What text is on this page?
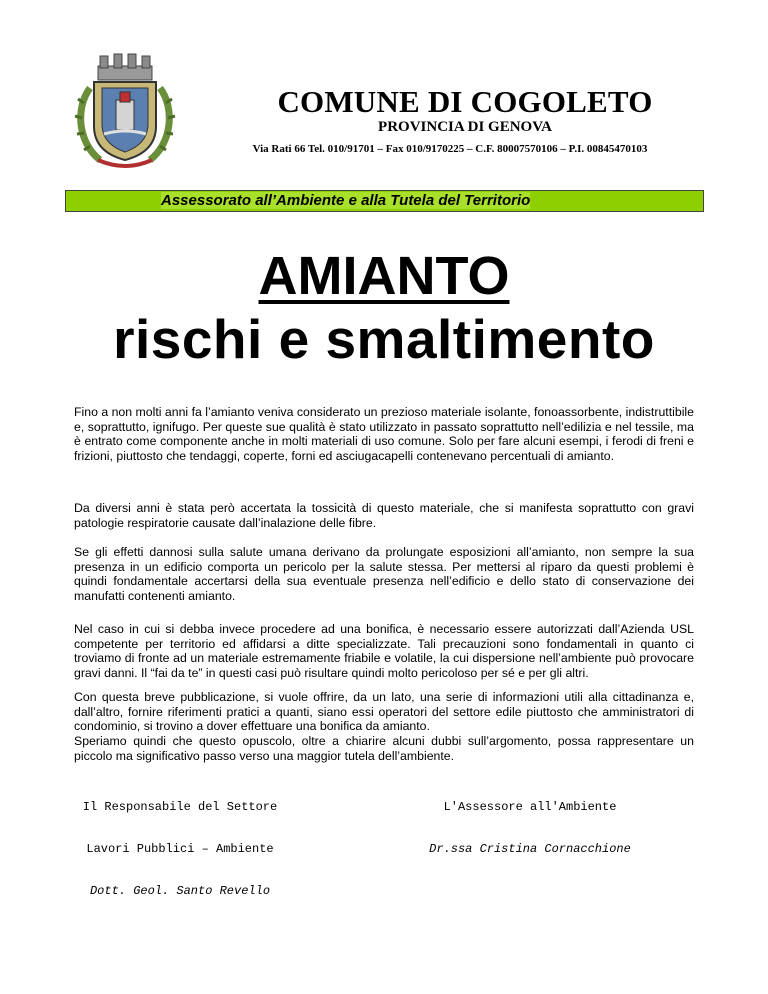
COMUNE DI COGOLETO
PROVINCIA DI GENOVA
Via Rati 66 Tel. 010/91701 – Fax 010/9170225 – C.F. 80007570106 – P.I. 00845470103
Assessorato all’Ambiente e alla Tutela del Territorio
AMIANTO
rischi e smaltimento
Fino a non molti anni fa l’amianto veniva considerato un prezioso materiale isolante, fonoassorbente, indistruttibile e, soprattutto, ignifugo. Per queste sue qualità è stato utilizzato in passato soprattutto nell’edilizia e nel tessile, ma è entrato come componente anche in molti materiali di uso comune. Solo per fare alcuni esempi, i ferodi di freni e frizioni, piuttosto che tendaggi, coperte, forni ed asciugacapelli contenevano percentuali di amianto.
Da diversi anni è stata però accertata la tossicità di questo materiale, che si manifesta soprattutto con gravi patologie respiratorie causate dall’inalazione delle fibre.
Se gli effetti dannosi sulla salute umana derivano da prolungate esposizioni all’amianto, non sempre la sua presenza in un edificio comporta un pericolo per la salute stessa. Per mettersi al riparo da questi problemi è quindi fondamentale accertarsi della sua eventuale presenza nell’edificio e dello stato di conservazione dei manufatti contenenti amianto.
Nel caso in cui si debba invece procedere ad una bonifica, è necessario essere autorizzati dall’Azienda USL competente per territorio ed affidarsi a ditte specializzate. Tali precauzioni sono fondamentali in quanto ci troviamo di fronte ad un materiale estremamente friabile e volatile, la cui dispersione nell’ambiente può provocare gravi danni. Il “fai da te” in questi casi può risultare quindi molto pericoloso per sé e per gli altri.
Con questa breve pubblicazione, si vuole offrire, da un lato, una serie di informazioni utili alla cittadinanza e, dall’altro, fornire riferimenti pratici a quanti, siano essi operatori del settore edile piuttosto che amministratori di condominio, si trovino a dover effettuare una bonifica da amianto.
Speriamo quindi che questo opuscolo, oltre a chiarire alcuni dubbi sull’argomento, possa rappresentare un piccolo ma significativo passo verso una maggior tutela dell’ambiente.

Il Responsabile del Settore

Lavori Pubblici – Ambiente

Dott. Geol. Santo Revello

L'Assessore all'Ambiente

Dr.ssa Cristina Cornacchione
